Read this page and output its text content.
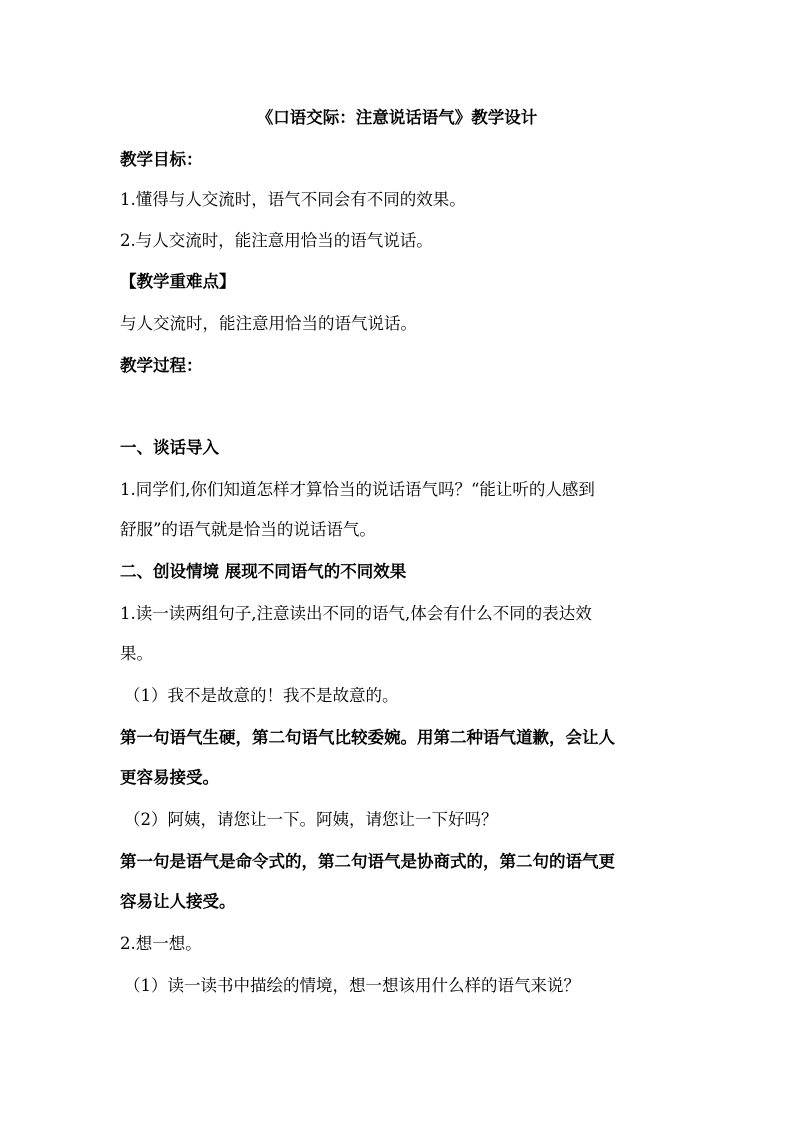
《口语交际：注意说话语气》教学设计
教学目标：
1.懂得与人交流时，语气不同会有不同的效果。
2.与人交流时，能注意用恰当的语气说话。
【教学重难点】
与人交流时，能注意用恰当的语气说话。
教学过程：
一、谈话导入
1.同学们,你们知道怎样才算恰当的说话语气吗？“能让听的人感到
舒服”的语气就是恰当的说话语气。
二、创设情境 展现不同语气的不同效果
1.读一读两组句子,注意读出不同的语气,体会有什么不同的表达效
果。
（1）我不是故意的！我不是故意的。
第一句语气生硬，第二句语气比较委婉。用第二种语气道歉，会让人
更容易接受。
（2）阿姨，请您让一下。阿姨，请您让一下好吗？
第一句是语气是命令式的，第二句语气是协商式的，第二句的语气更
容易让人接受。
2.想一想。
（1）读一读书中描绘的情境，想一想该用什么样的语气来说？
